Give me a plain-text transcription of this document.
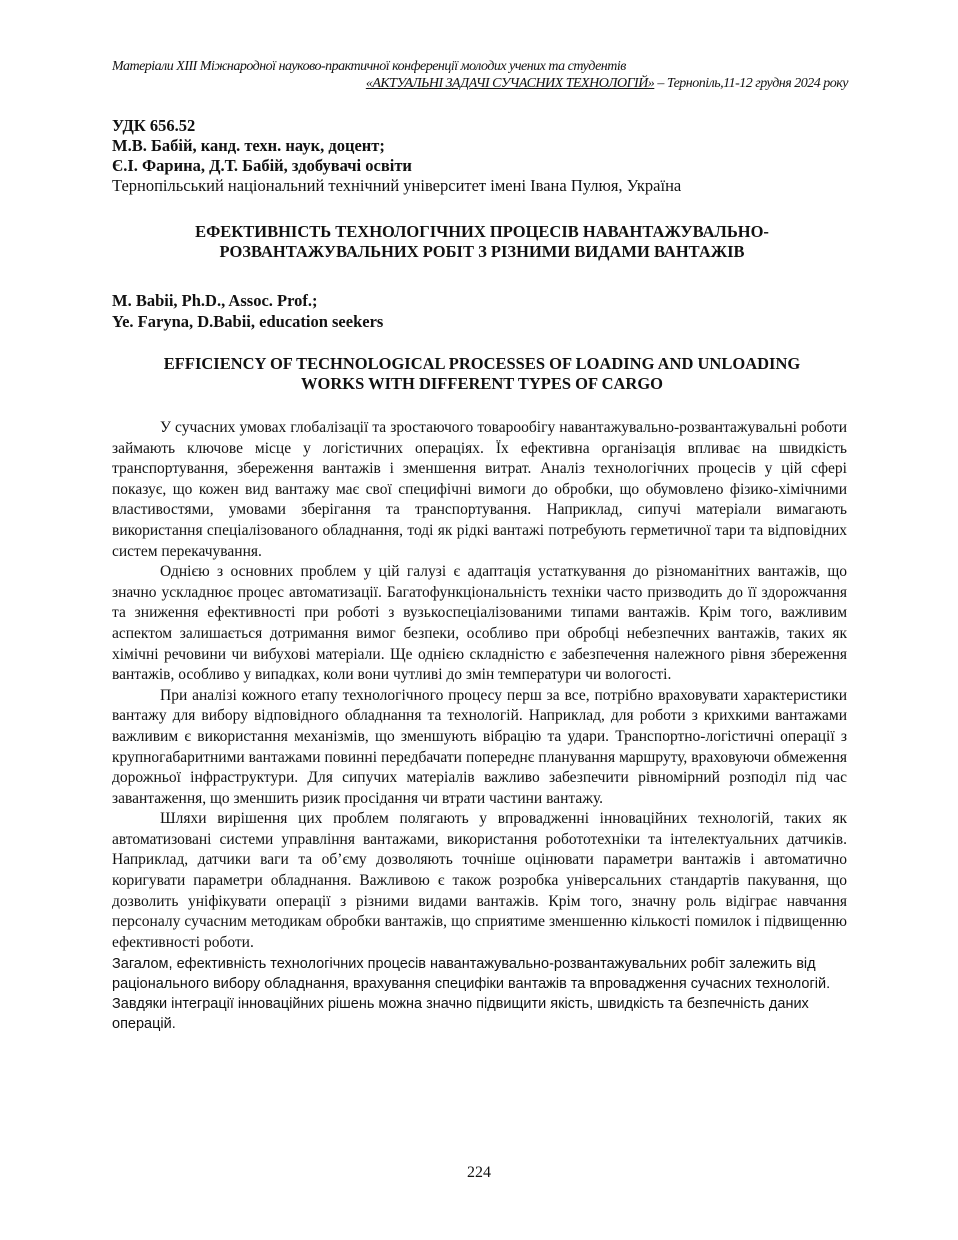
Матеріали XIII Міжнародної науково-практичної конференції молодих учених та студентів
«АКТУАЛЬНІ ЗАДАЧІ СУЧАСНИХ ТЕХНОЛОГІЙ» – Тернопіль,11-12 грудня 2024 року
УДК 656.52
М.В. Бабій, канд. техн. наук, доцент;
Є.І. Фарина, Д.Т. Бабій, здобувачі освіти
Тернопільський національний технічний університет імені Івана Пулюя, Україна
ЕФЕКТИВНІСТЬ ТЕХНОЛОГІЧНИХ ПРОЦЕСІВ НАВАНТАЖУВАЛЬНО-
РОЗВАНТАЖУВАЛЬНИХ РОБІТ З РІЗНИМИ ВИДАМИ ВАНТАЖІВ
M. Babii, Ph.D., Assoc. Prof.;
Ye. Faryna, D.Babii, education seekers
EFFICIENCY OF TECHNOLOGICAL PROCESSES OF LOADING AND UNLOADING
WORKS WITH DIFFERENT TYPES OF CARGO

У сучасних умовах глобалізації та зростаючого товарообігу навантажувально-розвантажувальні роботи займають ключове місце у логістичних операціях. Їх ефективна організація впливає на швидкість транспортування, збереження вантажів і зменшення витрат. Аналіз технологічних процесів у цій сфері показує, що кожен вид вантажу має свої специфічні вимоги до обробки, що обумовлено фізико-хімічними властивостями, умовами зберігання та транспортування. Наприклад, сипучі матеріали вимагають використання спеціалізованого обладнання, тоді як рідкі вантажі потребують герметичної тари та відповідних систем перекачування.

Однією з основних проблем у цій галузі є адаптація устаткування до різноманітних вантажів, що значно ускладнює процес автоматизації. Багатофункціональність техніки часто призводить до її здорожчання та зниження ефективності при роботі з вузькоспеціалізованими типами вантажів. Крім того, важливим аспектом залишається дотримання вимог безпеки, особливо при обробці небезпечних вантажів, таких як хімічні речовини чи вибухові матеріали. Ще однією складністю є забезпечення належного рівня збереження вантажів, особливо у випадках, коли вони чутливі до змін температури чи вологості.

При аналізі кожного етапу технологічного процесу перш за все, потрібно враховувати характеристики вантажу для вибору відповідного обладнання та технологій. Наприклад, для роботи з крихкими вантажами важливим є використання механізмів, що зменшують вібрацію та удари. Транспортно-логістичні операції з крупногабаритними вантажами повинні передбачати попереднє планування маршруту, враховуючи обмеження дорожньої інфраструктури. Для сипучих матеріалів важливо забезпечити рівномірний розподіл під час завантаження, що зменшить ризик просідання чи втрати частини вантажу.

Шляхи вирішення цих проблем полягають у впровадженні інноваційних технологій, таких як автоматизовані системи управління вантажами, використання робототехніки та інтелектуальних датчиків. Наприклад, датчики ваги та об’єму дозволяють точніше оцінювати параметри вантажів і автоматично коригувати параметри обладнання. Важливою є також розробка універсальних стандартів пакування, що дозволить уніфікувати операції з різними видами вантажів. Крім того, значну роль відіграє навчання персоналу сучасним методикам обробки вантажів, що сприятиме зменшенню кількості помилок і підвищенню ефективності роботи.

Загалом, ефективність технологічних процесів навантажувально-розвантажувальних робіт залежить від раціонального вибору обладнання, врахування специфіки вантажів та впровадження сучасних технологій. Завдяки інтеграції інноваційних рішень можна значно підвищити якість, швидкість та безпечність даних операцій.

224
